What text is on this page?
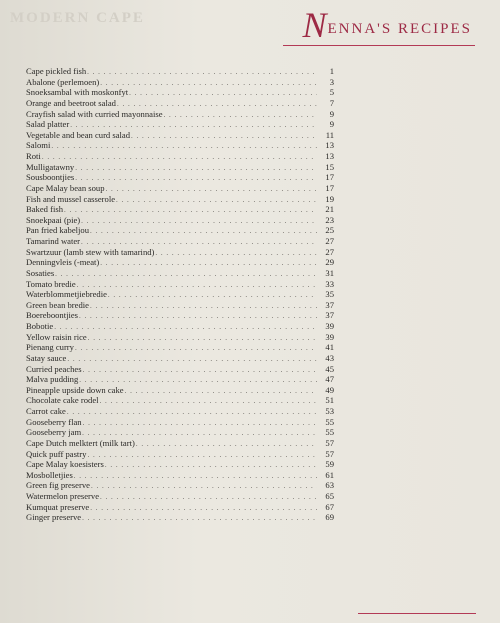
MODERN CAPE	NENNA'S RECIPES
Cape pickled fish . . .	1
Abalone (perlemoen) . . .	3
Snoeksambal with moskonfyt . . .	5
Orange and beetroot salad . . .	7
Crayfish salad with curried mayonnaise . . .	9
Salad platter . . .	9
Vegetable and bean curd salad . . .	11
Salomi . . .	13
Roti . . .	13
Mulligatawny . . .	15
Sousboontjies . . .	17
Cape Malay bean soup . . .	17
Fish and mussel casserole . . .	19
Baked fish . . .	21
Snoekpaai (pie) . . .	23
Pan fried kabeljou . . .	25
Tamarind water . . .	27
Swartzuur (lamb stew with tamarind) . . .	27
Denningvleis (-meat) . . .	29
Sosaties . . .	31
Tomato bredie . . .	33
Waterblommetjiebredie . . .	35
Green bean bredie . . .	37
Boereboontjies . . .	37
Bobotie . . .	39
Yellow raisin rice . . .	39
Pienang curry . . .	41
Satay sauce . . .	43
Curried peaches . . .	45
Malva pudding . . .	47
Pineapple upside down cake . . .	49
Chocolate cake rodel . . .	51
Carrot cake . . .	53
Gooseberry flan . . .	55
Gooseberry jam . . .	55
Cape Dutch melktert (milk tart) . . .	57
Quick puff pastry . . .	57
Cape Malay koesisters . . .	59
Mosbolletjies . . .	61
Green fig preserve . . .	63
Watermelon preserve . . .	65
Kumquat preserve . . .	67
Ginger preserve . . .	69
